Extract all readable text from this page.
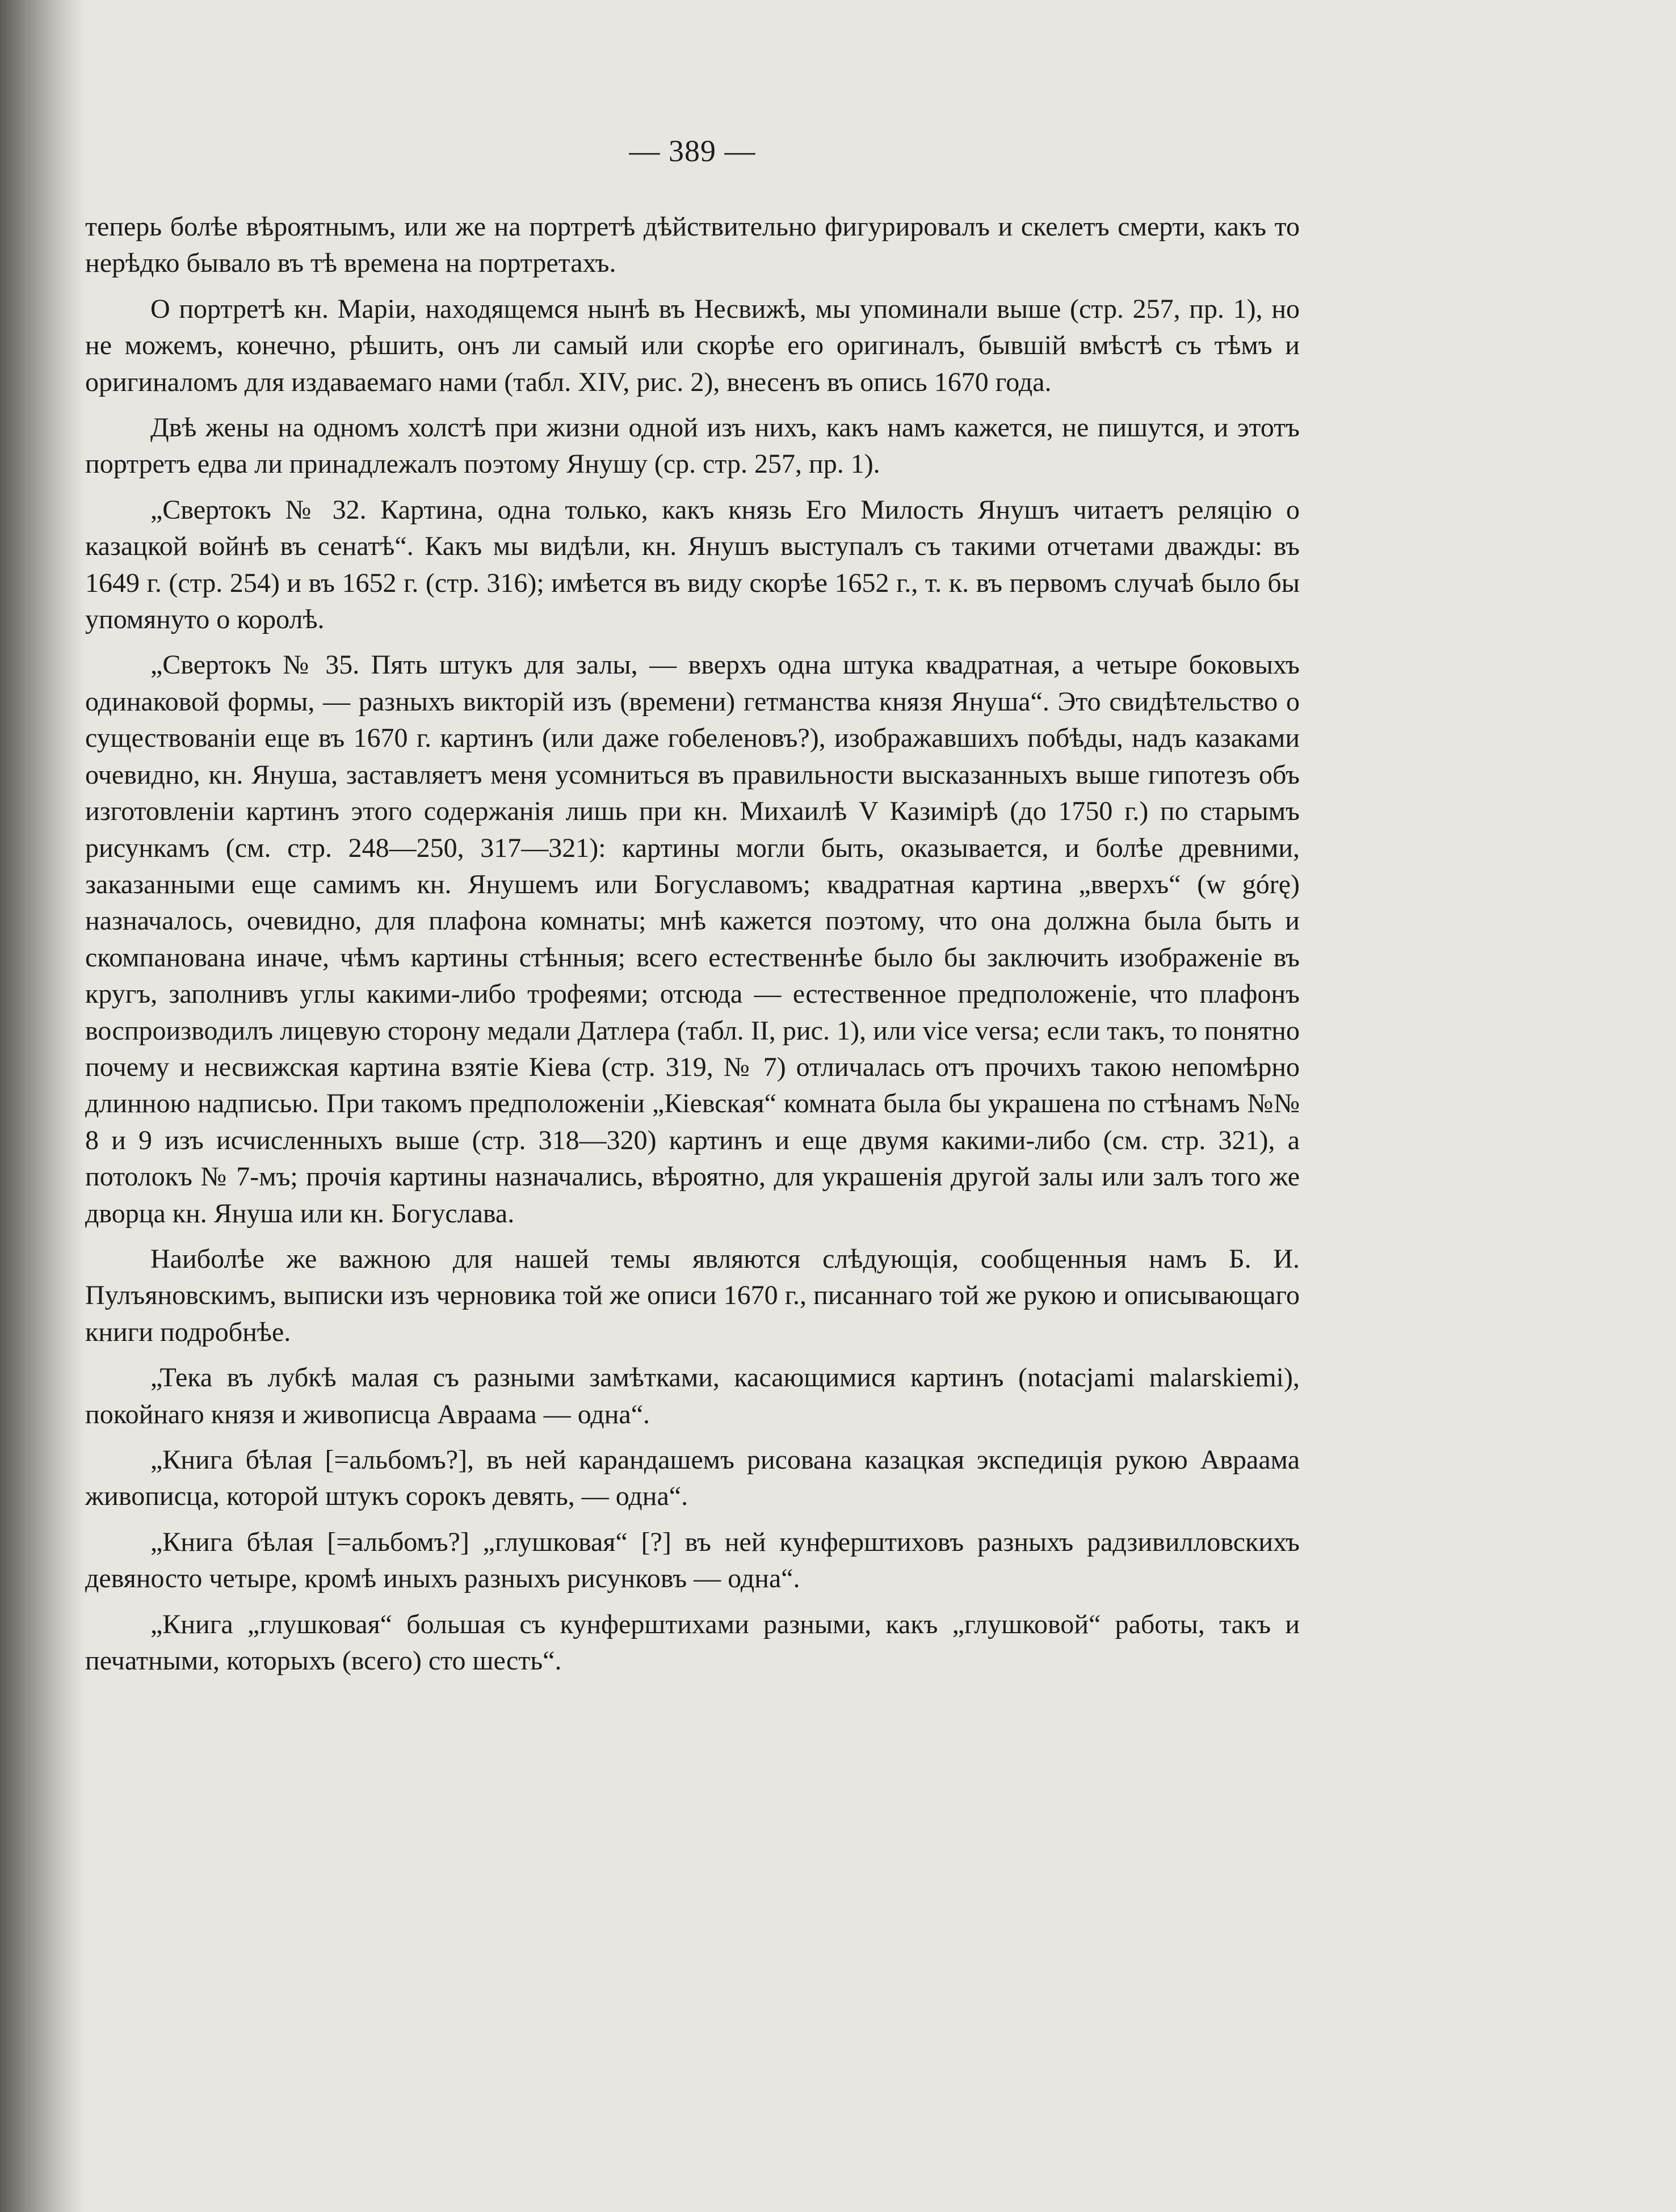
— 389 —

теперь болѣе вѣроятнымъ, или же на портретѣ дѣйствительно фигурировалъ и скелетъ смерти, какъ то нерѣдко бывало въ тѣ времена на портретахъ.

О портретѣ кн. Маріи, находящемся нынѣ въ Несвижѣ, мы упоминали выше (стр. 257, пр. 1), но не можемъ, конечно, рѣшить, онъ ли самый или скорѣе его оригиналъ, бывшій вмѣстѣ съ тѣмъ и оригиналомъ для издаваемаго нами (табл. XIV, рис. 2), внесенъ въ опись 1670 года.

Двѣ жены на одномъ холстѣ при жизни одной изъ нихъ, какъ намъ кажется, не пишутся, и этотъ портретъ едва ли принадлежалъ поэтому Янушу (ср. стр. 257, пр. 1).

„Свертокъ № 32. Картина, одна только, какъ князь Его Милость Янушъ читаетъ реляцію о казацкой войнѣ въ сенатѣ“. Какъ мы видѣли, кн. Янушъ выступалъ съ такими отчетами дважды: въ 1649 г. (стр. 254) и въ 1652 г. (стр. 316); имѣется въ виду скорѣе 1652 г., т. к. въ первомъ случаѣ было бы упомянуто о королѣ.

„Свертокъ № 35. Пять штукъ для залы, — вверхъ одна штука квадратная, а четыре боковыхъ одинаковой формы, — разныхъ викторій изъ (времени) гетманства князя Януша“. Это свидѣтельство о существованіи еще въ 1670 г. картинъ (или даже гобеленовъ?), изображавшихъ побѣды, надъ казаками очевидно, кн. Януша, заставляетъ меня усомниться въ правильности высказанныхъ выше гипотезъ объ изготовленіи картинъ этого содержанія лишь при кн. Михаилѣ V Казимірѣ (до 1750 г.) по старымъ рисункамъ (см. стр. 248—250, 317—321): картины могли быть, оказывается, и болѣе древними, заказанными еще самимъ кн. Янушемъ или Богуславомъ; квадратная картина „вверхъ“ (w górę) назначалось, очевидно, для плафона комнаты; мнѣ кажется поэтому, что она должна была быть и скомпанована иначе, чѣмъ картины стѣнныя; всего естественнѣе было бы заключить изображеніе въ кругъ, заполнивъ углы какими-либо трофеями; отсюда — естественное предположеніе, что плафонъ воспроизводилъ лицевую сторону медали Датлера (табл. II, рис. 1), или vice versa; если такъ, то понятно почему и несвижская картина взятіе Кіева (стр. 319, № 7) отличалась отъ прочихъ такою непомѣрно длинною надписью. При такомъ предположеніи „Кіевская“ комната была бы украшена по стѣнамъ №№ 8 и 9 изъ исчисленныхъ выше (стр. 318—320) картинъ и еще двумя какими-либо (см. стр. 321), а потолокъ № 7-мъ; прочія картины назначались, вѣроятно, для украшенія другой залы или залъ того же дворца кн. Януша или кн. Богуслава.

Наиболѣе же важною для нашей темы являются слѣдующія, сообщенныя намъ Б. И. Пулъяновскимъ, выписки изъ черновика той же описи 1670 г., писаннаго той же рукою и описывающаго книги подробнѣе.

„Тека въ лубкѣ малая съ разными замѣтками, касающимися картинъ (notacjami malarskiemi), покойнаго князя и живописца Авраама — одна“.

„Книга бѣлая [=альбомъ?], въ ней карандашемъ рисована казацкая экспедиція рукою Авраама живописца, которой штукъ сорокъ девять, — одна“.

„Книга бѣлая [=альбомъ?] „глушковая“ [?] въ ней кунферштиховъ разныхъ радзивилловскихъ девяносто четыре, кромѣ иныхъ разныхъ рисунковъ — одна“.

„Книга „глушковая“ большая съ кунферштихами разными, какъ „глушковой“ работы, такъ и печатными, которыхъ (всего) сто шесть“.
